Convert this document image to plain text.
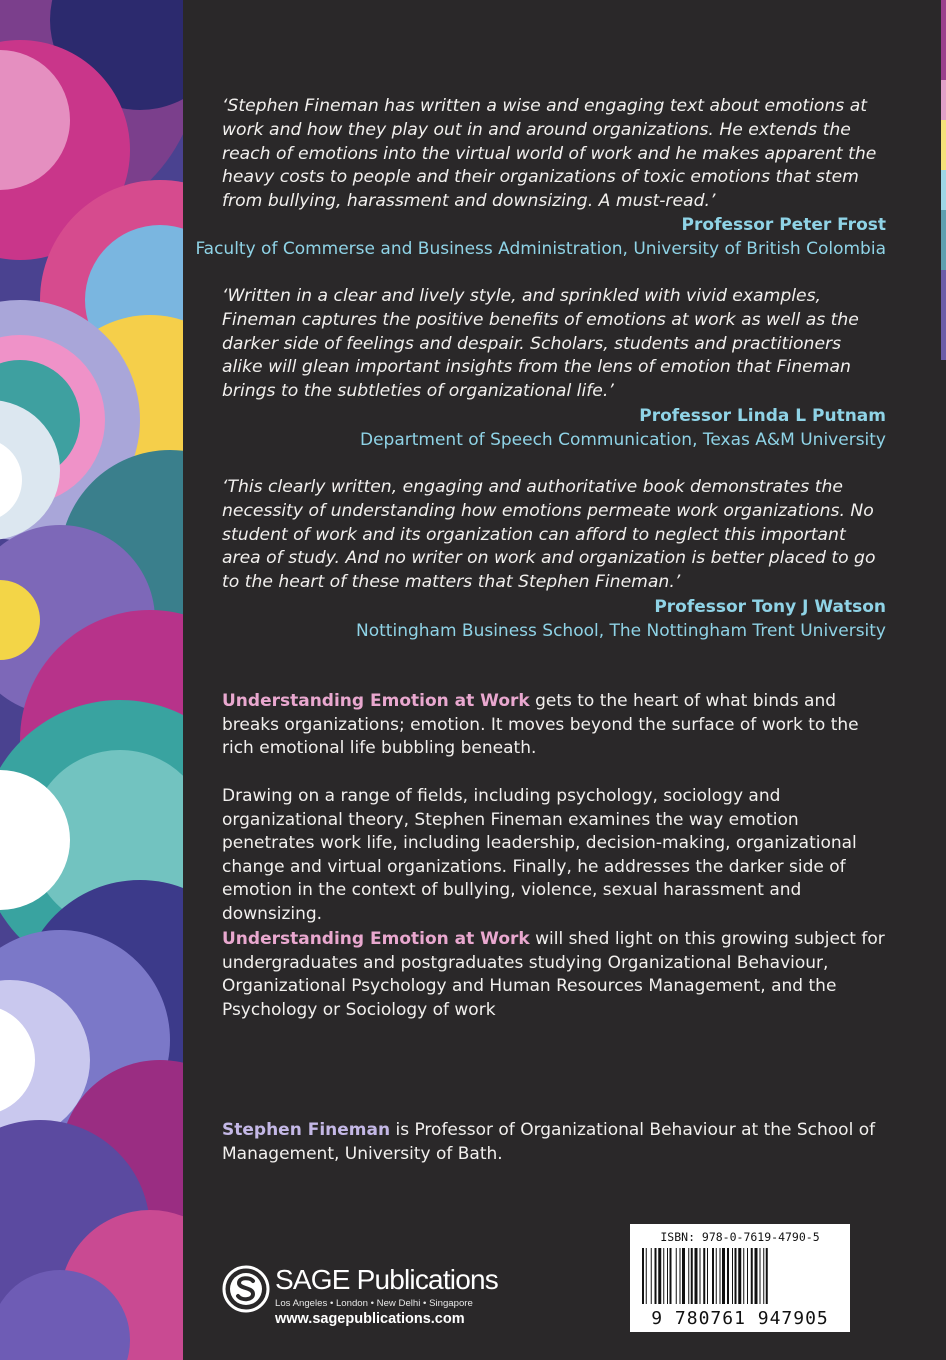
‘Stephen Fineman has written a wise and engaging text about emotions at work and how they play out in and around organizations. He extends the reach of emotions into the virtual world of work and he makes apparent the heavy costs to people and their organizations of toxic emotions that stem from bullying, harassment and downsizing. A must-read.’

Professor Peter Frost
Faculty of Commerse and Business Administration, University of British Colombia

‘Written in a clear and lively style, and sprinkled with vivid examples, Fineman captures the positive benefits of emotions at work as well as the darker side of feelings and despair. Scholars, students and practitioners alike will glean important insights from the lens of emotion that Fineman brings to the subtleties of organizational life.’

Professor Linda L Putnam
Department of Speech Communication, Texas A&M University

‘This clearly written, engaging and authoritative book demonstrates the necessity of understanding how emotions permeate work organizations. No student of work and its organization can afford to neglect this important area of study. And no writer on work and organization is better placed to go to the heart of these matters that Stephen Fineman.’

Professor Tony J Watson
Nottingham Business School, The Nottingham Trent University

Understanding Emotion at Work gets to the heart of what binds and breaks organizations; emotion. It moves beyond the surface of work to the rich emotional life bubbling beneath.

Drawing on a range of fields, including psychology, sociology and organizational theory, Stephen Fineman examines the way emotion penetrates work life, including leadership, decision-making, organizational change and virtual organizations. Finally, he addresses the darker side of emotion in the context of bullying, violence, sexual harassment and downsizing.

Understanding Emotion at Work will shed light on this growing subject for undergraduates and postgraduates studying Organizational Behaviour, Organizational Psychology and Human Resources Management, and the Psychology or Sociology of work

Stephen Fineman is Professor of Organizational Behaviour at the School of Management, University of Bath.

SAGE Publications
Los Angeles • London • New Delhi • Singapore
www.sagepublications.com
ISBN: 978-0-7619-4790-5
9 780761 947905
